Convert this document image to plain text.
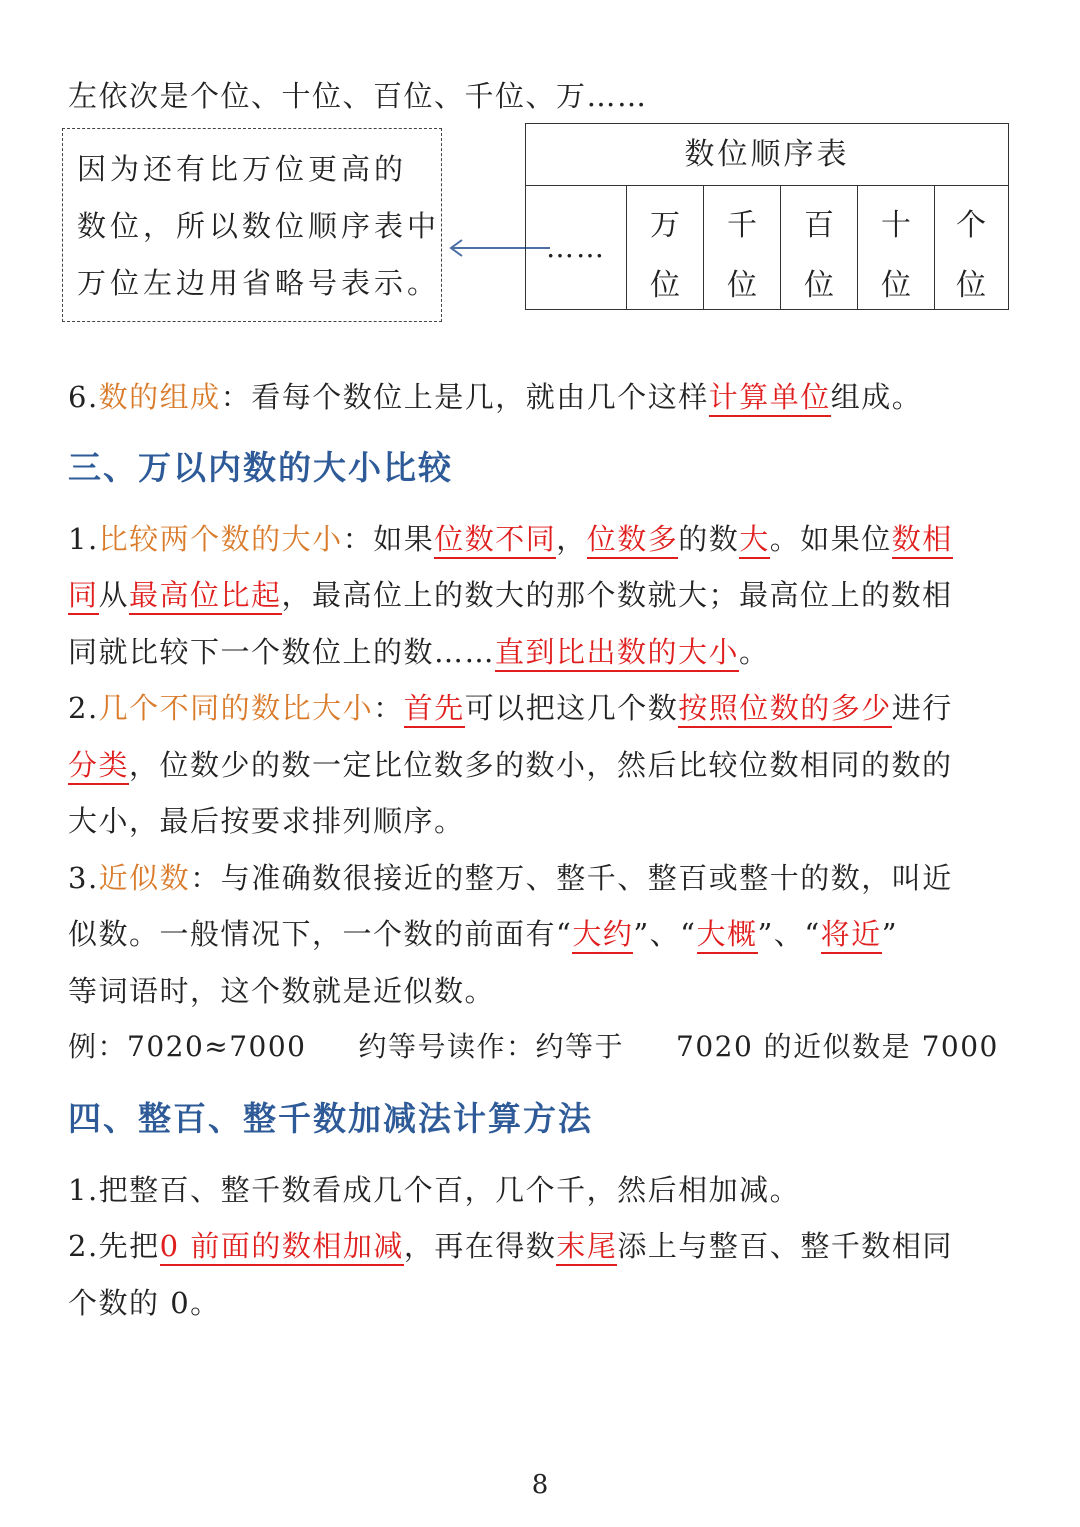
左依次是个位、十位、百位、千位、万……
因为还有比万位更高的
数位，所以数位顺序表中
万位左边用省略号表示。
数位顺序表
……
万
位
千
位
百
位
十
位
个
位
6.数的组成：看每个数位上是几，就由几个这样计算单位组成。
三、万以内数的大小比较
1.比较两个数的大小：如果位数不同，位数多的数大。如果位数相
同从最高位比起，最高位上的数大的那个数就大；最高位上的数相
同就比较下一个数位上的数……直到比出数的大小。
2.几个不同的数比大小：首先可以把这几个数按照位数的多少进行
分类，位数少的数一定比位数多的数小，然后比较位数相同的数的
大小，最后按要求排列顺序。
3.近似数：与准确数很接近的整万、整千、整百或整十的数，叫近
似数。一般情况下，一个数的前面有“大约”、“大概”、“将近”
等词语时，这个数就是近似数。
例：7020≈7000 约等号读作：约等于 7020 的近似数是 7000
四、整百、整千数加减法计算方法
1.把整百、整千数看成几个百，几个千，然后相加减。
2.先把0 前面的数相加减，再在得数末尾添上与整百、整千数相同
个数的 0。
8
